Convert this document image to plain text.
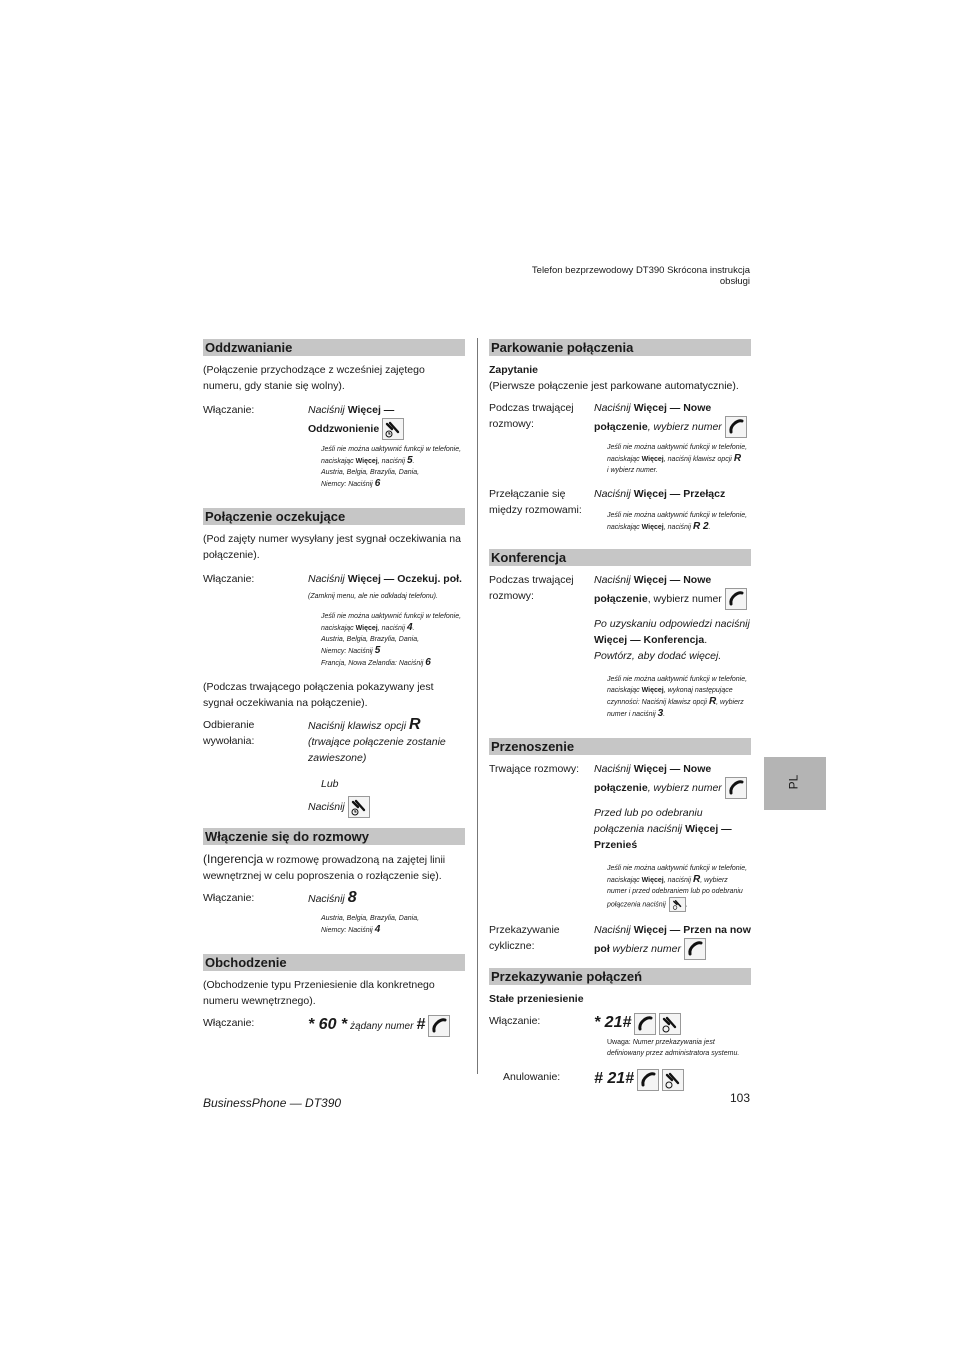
Telefon bezprzewodowy DT390 Skrócona instrukcja obsługi
PL
Oddzwanianie
(Połączenie przychodzące z wcześniej zajętego numeru, gdy stanie się wolny).
Włączanie:	Naciśnij Więcej —
Oddzwonienie
Jeśli nie można uaktywnić funkcji w telefonie,
naciskając Więcej, naciśnij 5.
Austria, Belgia, Brazylia, Dania,
Niemcy: Naciśnij 6
Połączenie oczekujące
(Pod zajęty numer wysyłany jest sygnał oczekiwania na połączenie).
Włączanie:	Naciśnij Więcej — Oczekuj. poł.
(Zamknij menu, ale nie odkładaj telefonu).
Jeśli nie można uaktywnić funkcji w telefonie,
naciskając Więcej, naciśnij 4.
Austria, Belgia, Brazylia, Dania,
Niemcy: Naciśnij 5
Francja, Nowa Zelandia: Naciśnij 6
(Podczas trwającego połączenia pokazywany jest sygnał oczekiwania na połączenie).
Odbieranie wywołania:
Naciśnij klawisz opcji R (trwające połączenie zostanie zawieszone)
Lub
Naciśnij
Włączenie się do rozmowy
(Ingerencja w rozmowę prowadzoną na zajętej linii wewnętrznej w celu poproszenia o rozłączenie się).
Włączanie:	Naciśnij 8
Austria, Belgia, Brazylia, Dania,
Niemcy: Naciśnij 4
Obchodzenie
(Obchodzenie typu Przeniesienie dla konkretnego numeru wewnętrznego).
Włączanie:	* 60 * żądany numer #
Parkowanie połączenia
Zapytanie
(Pierwsze połączenie jest parkowane automatycznie).
Podczas trwającej rozmowy:
Naciśnij Więcej — Nowe połączenie, wybierz numer
Jeśli nie można uaktywnić funkcji w telefonie,
naciskając Więcej, naciśnij klawisz opcji R
i wybierz numer.
Przełączanie się między rozmowami:
Naciśnij Więcej — Przełącz
Jeśli nie można uaktywnić funkcji w telefonie,
naciskając Więcej, naciśnij R 2.
Konferencja
Podczas trwającej rozmowy:
Naciśnij Więcej — Nowe połączenie, wybierz numer
Po uzyskaniu odpowiedzi naciśnij Więcej — Konferencja.
Powtórz, aby dodać więcej.
Jeśli nie można uaktywnić funkcji w telefonie,
naciskając Więcej, wykonaj następujące
czynności: Naciśnij klawisz opcji R, wybierz
numer i naciśnij 3.
Przenoszenie
Trwające rozmowy:	Naciśnij Więcej — Nowe połączenie, wybierz numer
Przed lub po odebraniu połączenia naciśnij Więcej — Przenieś
Jeśli nie można uaktywnić funkcji w telefonie,
naciskając Więcej, naciśnij R, wybierz
numer i przed odebraniem lub po odebraniu
połączenia naciśnij	.
Przekazywanie cykliczne:
Naciśnij Więcej — Przen na now poł wybierz numer
Przekazywanie połączeń
Stałe przeniesienie
Włączanie:	* 21#
Uwaga: Numer przekazywania jest definiowany przez administratora systemu.
Anulowanie:	# 21#
BusinessPhone — DT390	103
